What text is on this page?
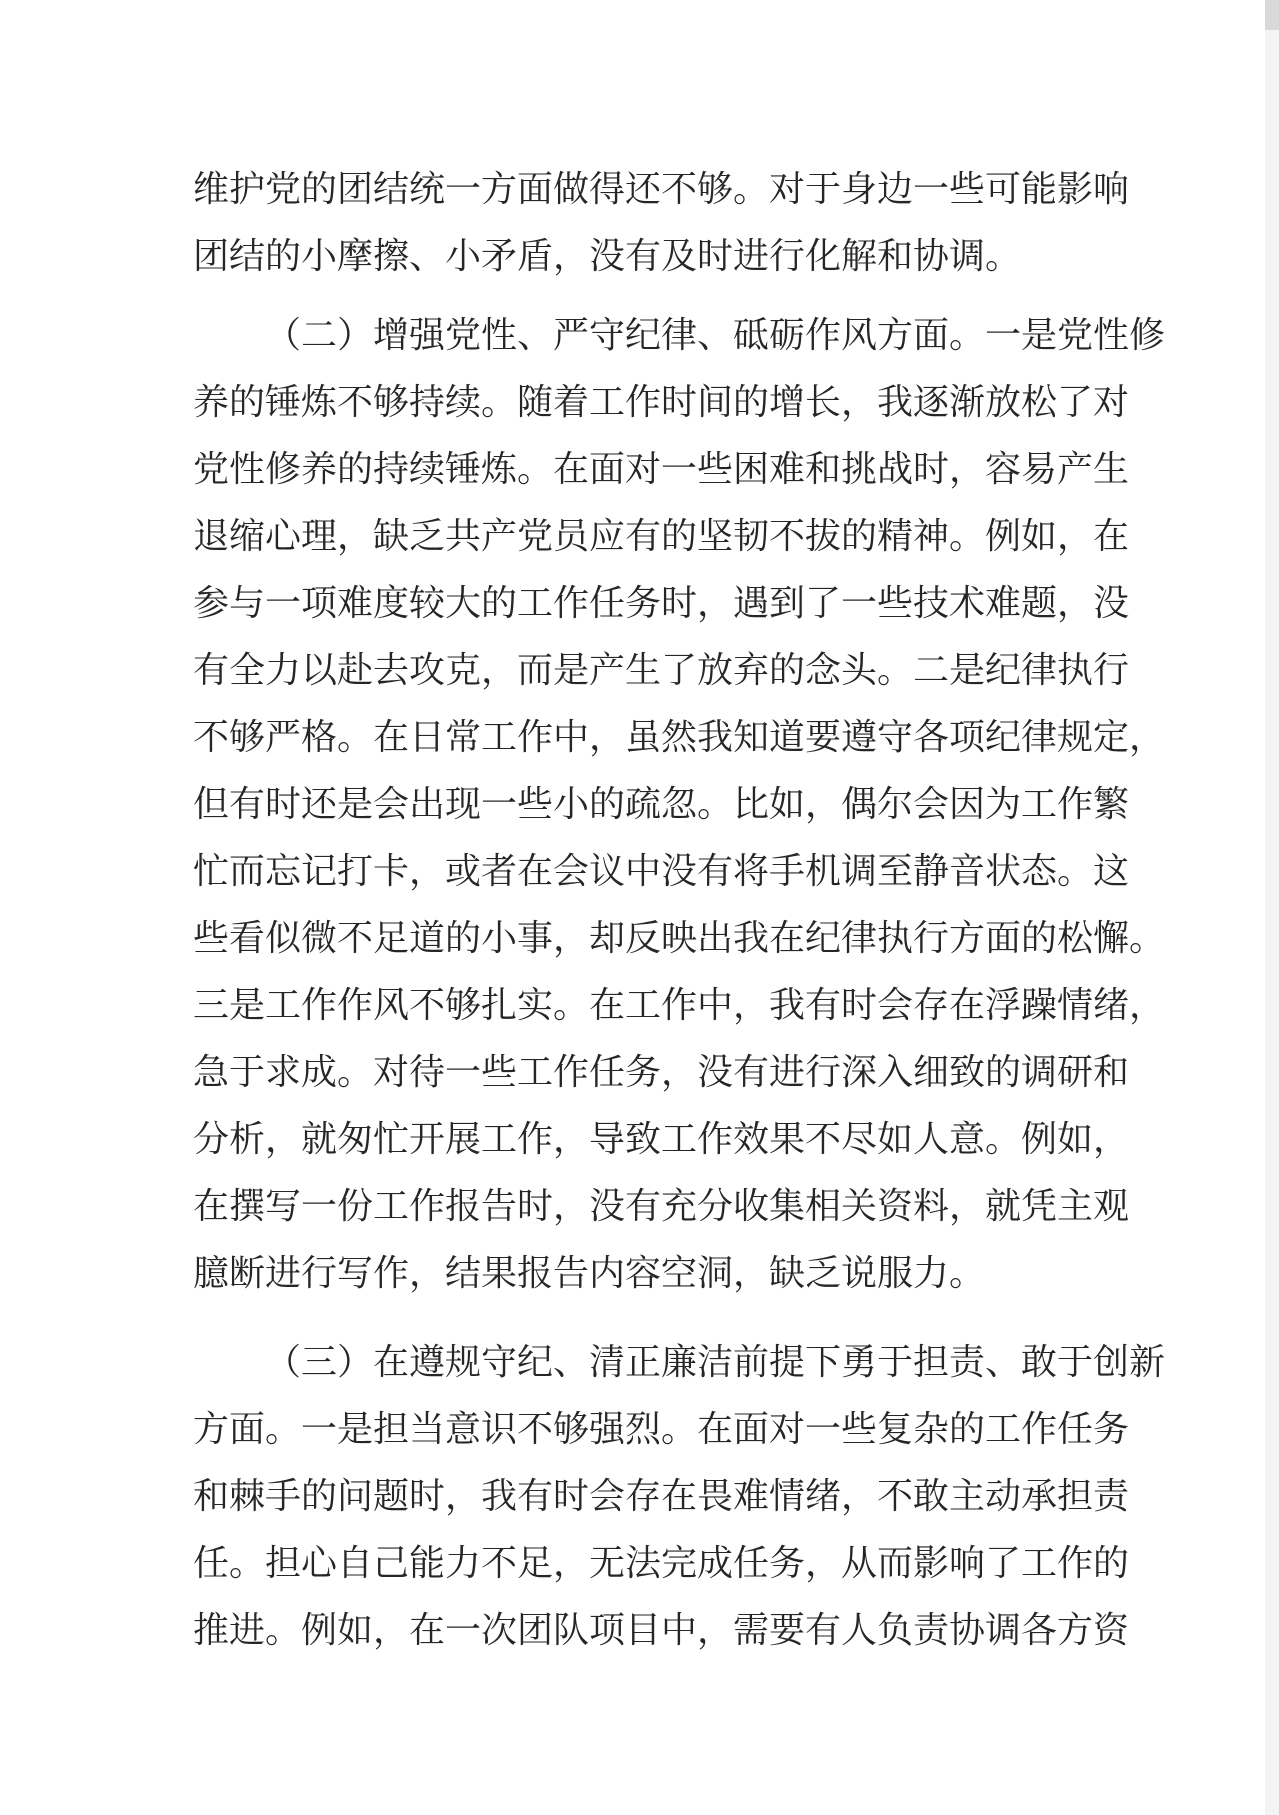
维护党的团结统一方面做得还不够。对于身边一些可能影响
团结的小摩擦、小矛盾，没有及时进行化解和协调。
（二）增强党性、严守纪律、砥砺作风方面。一是党性修
养的锤炼不够持续。随着工作时间的增长，我逐渐放松了对
党性修养的持续锤炼。在面对一些困难和挑战时，容易产生
退缩心理，缺乏共产党员应有的坚韧不拔的精神。例如，在
参与一项难度较大的工作任务时，遇到了一些技术难题，没
有全力以赴去攻克，而是产生了放弃的念头。二是纪律执行
不够严格。在日常工作中，虽然我知道要遵守各项纪律规定，
但有时还是会出现一些小的疏忽。比如，偶尔会因为工作繁
忙而忘记打卡，或者在会议中没有将手机调至静音状态。这
些看似微不足道的小事，却反映出我在纪律执行方面的松懈。
三是工作作风不够扎实。在工作中，我有时会存在浮躁情绪，
急于求成。对待一些工作任务，没有进行深入细致的调研和
分析，就匆忙开展工作，导致工作效果不尽如人意。例如，
在撰写一份工作报告时，没有充分收集相关资料，就凭主观
臆断进行写作，结果报告内容空洞，缺乏说服力。
（三）在遵规守纪、清正廉洁前提下勇于担责、敢于创新
方面。一是担当意识不够强烈。在面对一些复杂的工作任务
和棘手的问题时，我有时会存在畏难情绪，不敢主动承担责
任。担心自己能力不足，无法完成任务，从而影响了工作的
推进。例如，在一次团队项目中，需要有人负责协调各方资
